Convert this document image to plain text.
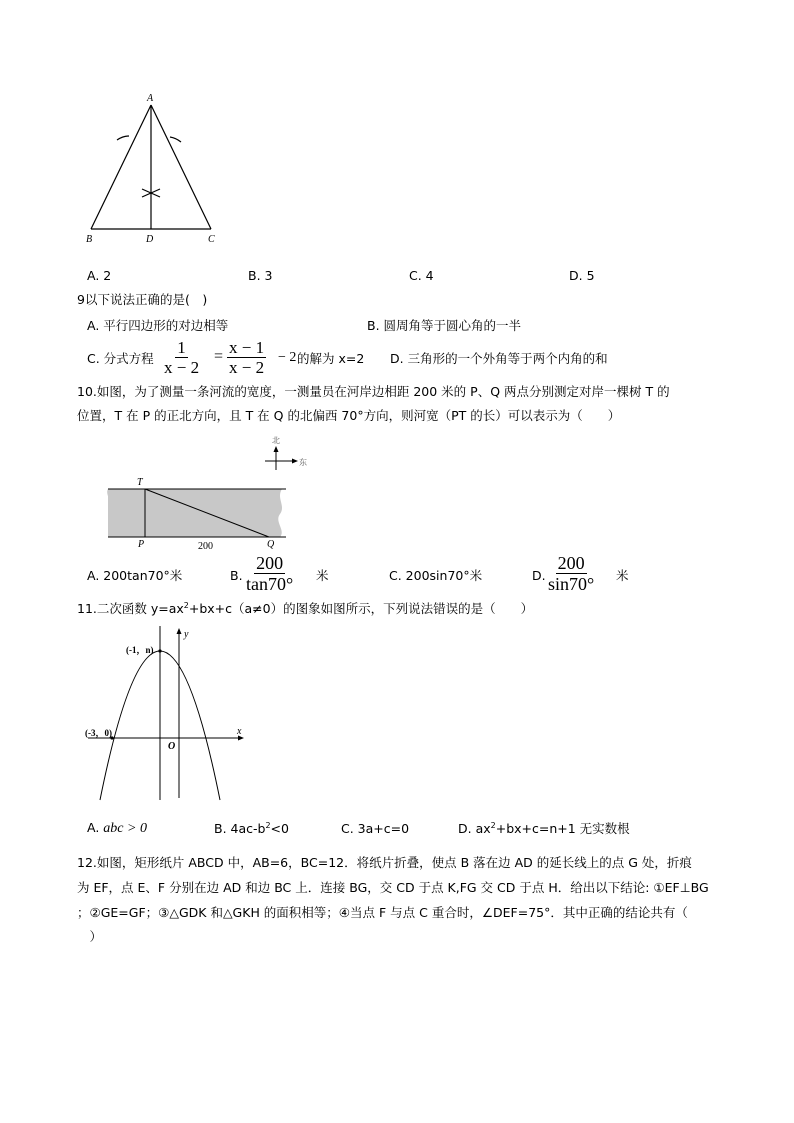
A
B	D	C
A. 2	B. 3	C. 4	D. 5
9以下说法正确的是(　)
A. 平行四边形的对边相等	B. 圆周角等于圆心角的一半
C. 分式方程 $\frac{1}{x - 2} = \frac{x - 1}{x - 2} - 2$ 的解为 x=2 D. 三角形的一个外角等于两个内角的和
10.如图，为了测量一条河流的宽度，一测量员在河岸边相距 200 米的 P、Q 两点分别测定对岸一棵树 T 的
位置，T 在 P 的正北方向，且 T 在 Q 的北偏西 70°方向，则河宽（PT 的长）可以表示为（　　）
北
东
T
P	Q
200
A. 200tan70°米	B. $\frac{200}{\tan 70^\circ}$ 米	C. 200sin70°米	D. $\frac{200}{\sin 70^\circ}$ 米
11.二次函数 $y=ax^2+bx+c(a\ne 0)$的图象如图所示，下列说法错误的是（　　）
(-1，n)
(-3，0)
O
x
y
A. abc > 0	B. $4ac-b^2<0$	C. 3a+c=0	D. $ax^2+bx+c=n+1$ 无实数根
12.如图，矩形纸片 ABCD 中，AB=6，BC=12．将纸片折叠，使点 B 落在边 AD 的延长线上的点 G 处，折痕
为 EF，点 E、F 分别在边 AD 和边 BC 上．连接 BG，交 CD 于点 K,FG 交 CD 于点 H．给出以下结论: ①EF⊥BG
；②GE=GF；③△GDK 和△GKH 的面积相等；④当点 F 与点 C 重合时，∠DEF=75°．其中正确的结论共有（
　）
